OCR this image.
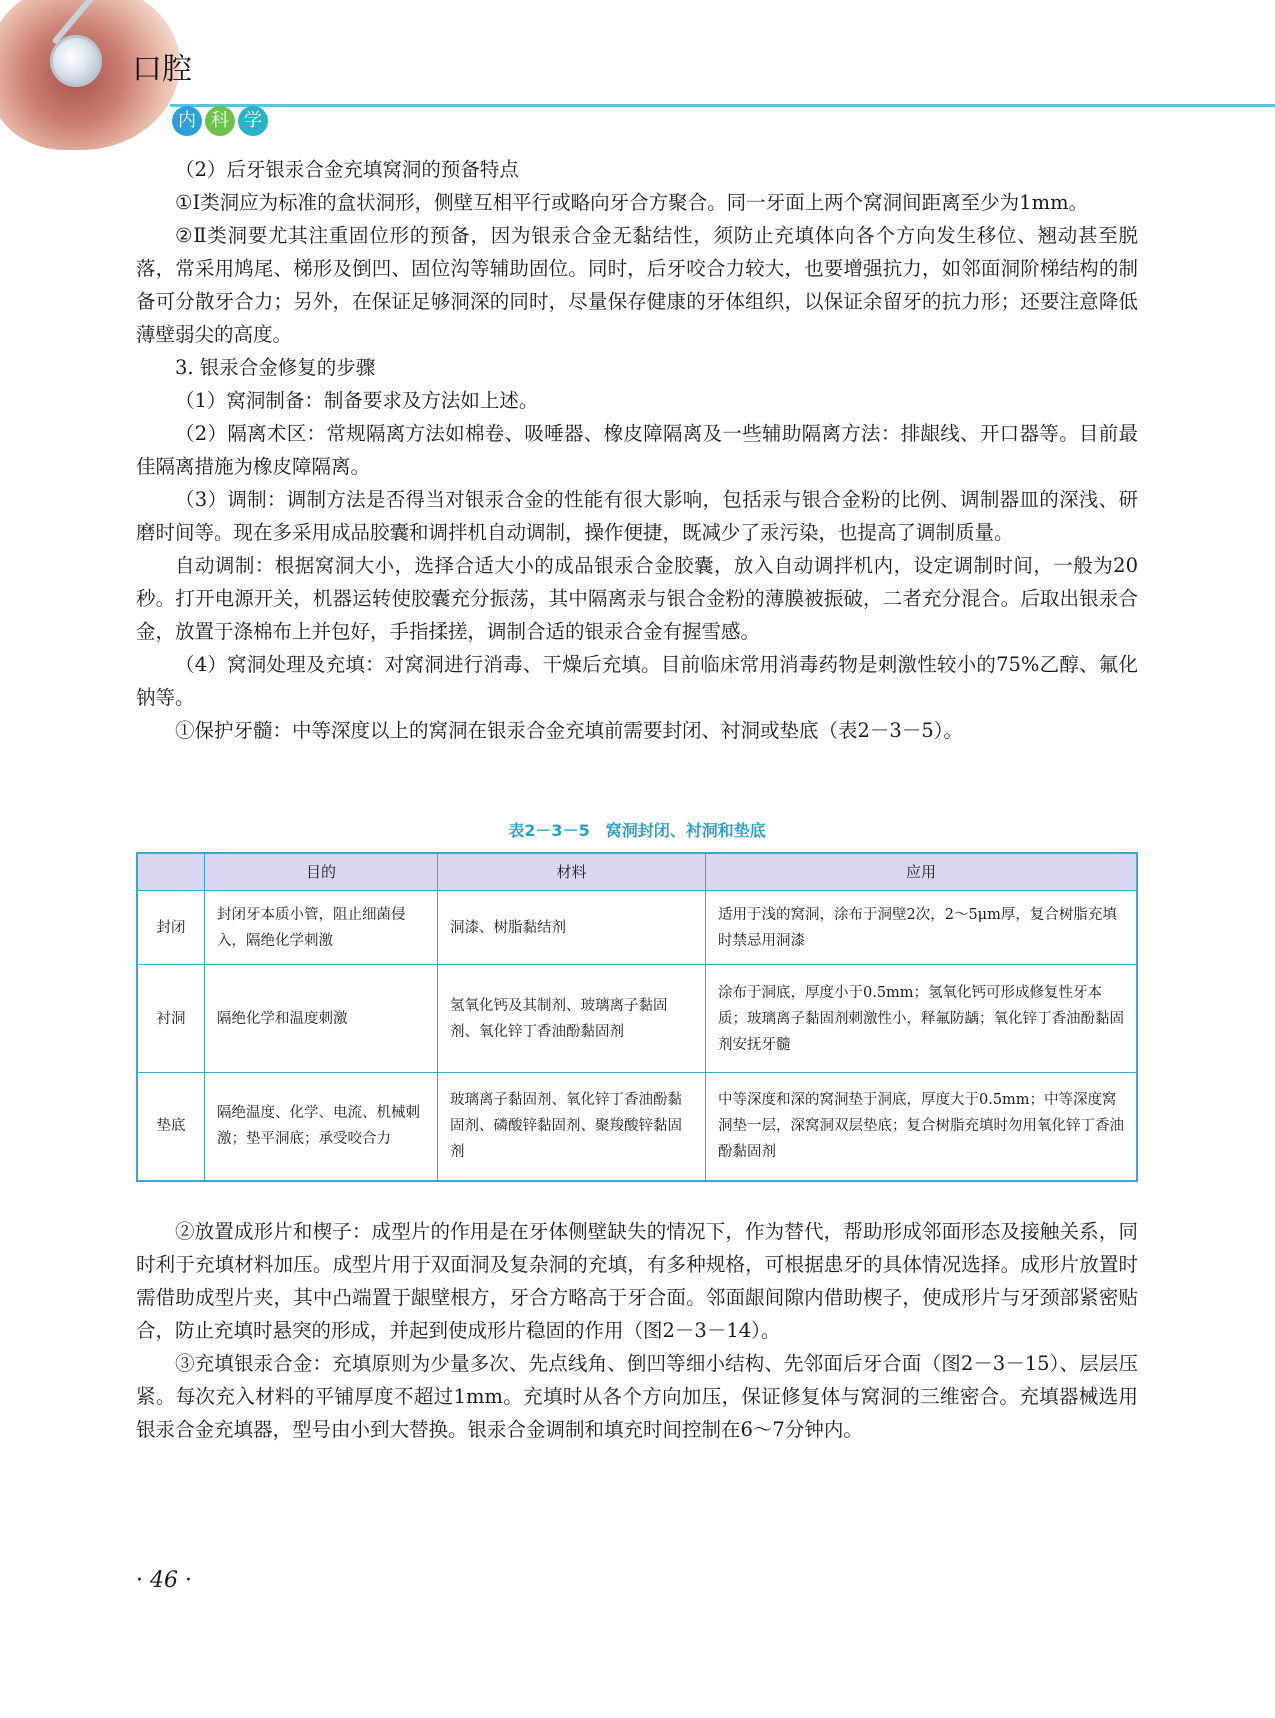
口腔
内 科 学

（2）后牙银汞合金充填窝洞的预备特点

①Ⅰ类洞应为标准的盒状洞形，侧壁互相平行或略向牙合方聚合。同一牙面上两个窝洞间距离至少为1mm。

②Ⅱ类洞要尤其注重固位形的预备，因为银汞合金无黏结性，须防止充填体向各个方向发生移位、翘动甚至脱落，常采用鸠尾、梯形及倒凹、固位沟等辅助固位。同时，后牙咬合力较大，也要增强抗力，如邻面洞阶梯结构的制备可分散牙合力；另外，在保证足够洞深的同时，尽量保存健康的牙体组织，以保证余留牙的抗力形；还要注意降低薄壁弱尖的高度。

3. 银汞合金修复的步骤

（1）窝洞制备：制备要求及方法如上述。

（2）隔离术区：常规隔离方法如棉卷、吸唾器、橡皮障隔离及一些辅助隔离方法：排龈线、开口器等。目前最佳隔离措施为橡皮障隔离。

（3）调制：调制方法是否得当对银汞合金的性能有很大影响，包括汞与银合金粉的比例、调制器皿的深浅、研磨时间等。现在多采用成品胶囊和调拌机自动调制，操作便捷，既减少了汞污染，也提高了调制质量。

自动调制：根据窝洞大小，选择合适大小的成品银汞合金胶囊，放入自动调拌机内，设定调制时间，一般为20秒。打开电源开关，机器运转使胶囊充分振荡，其中隔离汞与银合金粉的薄膜被振破，二者充分混合。后取出银汞合金，放置于涤棉布上并包好，手指揉搓，调制合适的银汞合金有握雪感。

（4）窝洞处理及充填：对窝洞进行消毒、干燥后充填。目前临床常用消毒药物是刺激性较小的75%乙醇、氟化钠等。

①保护牙髓：中等深度以上的窝洞在银汞合金充填前需要封闭、衬洞或垫底（表2－3－5）。

表2－3－5　窝洞封闭、衬洞和垫底
	目的	材料	应用
封闭	封闭牙本质小管，阻止细菌侵入，隔绝化学刺激	洞漆、树脂黏结剂	适用于浅的窝洞，涂布于洞壁2次，2～5μm厚，复合树脂充填时禁忌用洞漆
衬洞	隔绝化学和温度刺激	氢氧化钙及其制剂、玻璃离子黏固剂、氧化锌丁香油酚黏固剂	涂布于洞底，厚度小于0.5mm；氢氧化钙可形成修复性牙本质；玻璃离子黏固剂刺激性小，释氟防龋；氧化锌丁香油酚黏固剂安抚牙髓
垫底	隔绝温度、化学、电流、机械刺激；垫平洞底；承受咬合力	玻璃离子黏固剂、氧化锌丁香油酚黏固剂、磷酸锌黏固剂、聚羧酸锌黏固剂	中等深度和深的窝洞垫于洞底，厚度大于0.5mm；中等深度窝洞垫一层，深窝洞双层垫底；复合树脂充填时勿用氧化锌丁香油酚黏固剂

②放置成形片和楔子：成型片的作用是在牙体侧壁缺失的情况下，作为替代，帮助形成邻面形态及接触关系，同时利于充填材料加压。成型片用于双面洞及复杂洞的充填，有多种规格，可根据患牙的具体情况选择。成形片放置时需借助成型片夹，其中凸端置于龈壁根方，牙合方略高于牙合面。邻面龈间隙内借助楔子，使成形片与牙颈部紧密贴合，防止充填时悬突的形成，并起到使成形片稳固的作用（图2－3－14）。

③充填银汞合金：充填原则为少量多次、先点线角、倒凹等细小结构、先邻面后牙合面（图2－3－15）、层层压紧。每次充入材料的平铺厚度不超过1mm。充填时从各个方向加压，保证修复体与窝洞的三维密合。充填器械选用银汞合金充填器，型号由小到大替换。银汞合金调制和填充时间控制在6～7分钟内。

· 46 ·
